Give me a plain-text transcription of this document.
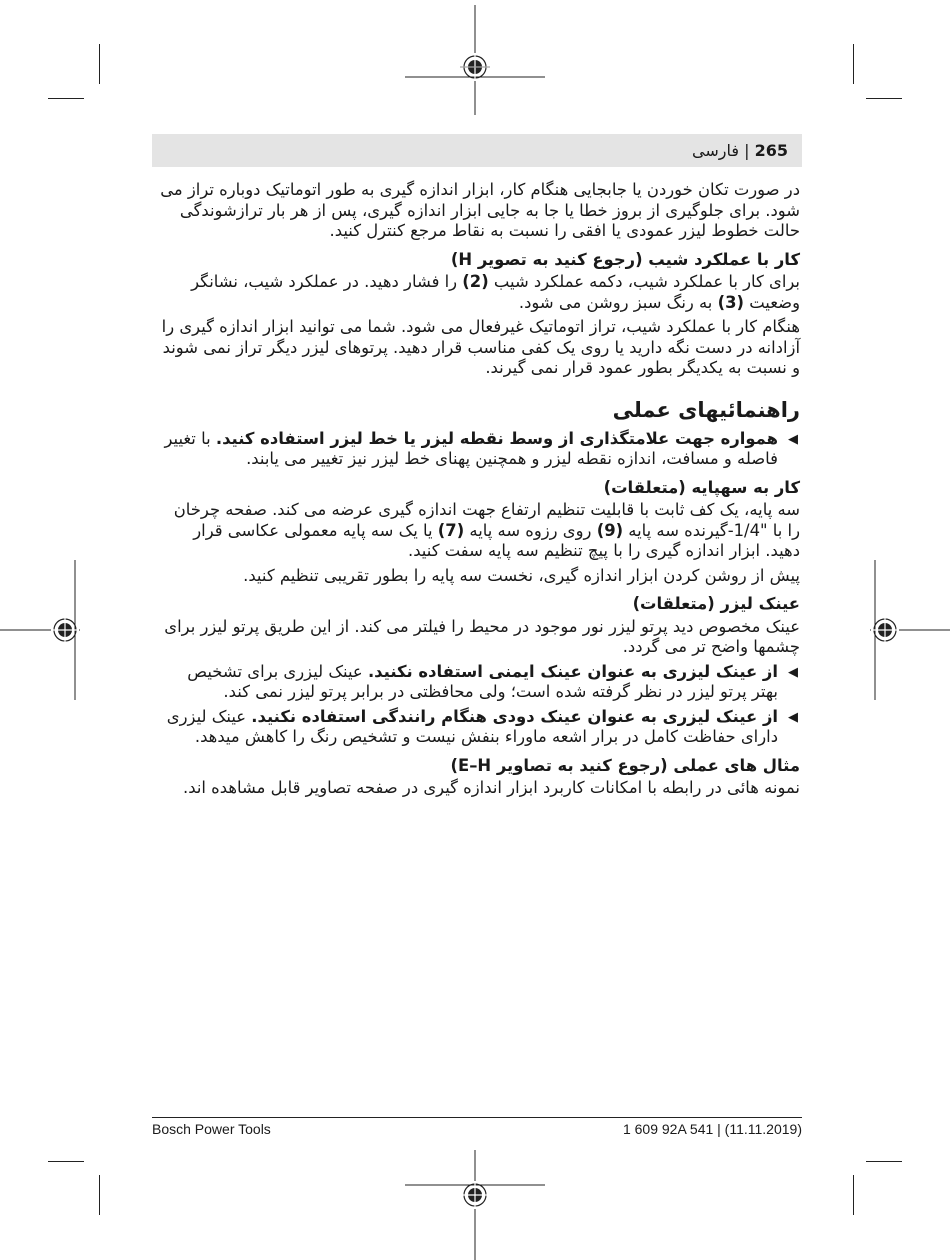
265 | فارسی

در صورت تکان خوردن یا جابجایی هنگام کار، ابزار اندازه گیری به طور اتوماتیک دوباره تراز می شود. برای جلوگیری از بروز خطا یا جا به جایی ابزار اندازه گیری، پس از هر بار ترازشوندگی حالت خطوط لیزر عمودی یا افقی را نسبت به نقاط مرجع کنترل کنید.

کار با عملکرد شیب (رجوع کنید به تصویر H)

برای کار با عملکرد شیب، دکمه عملکرد شیب (2) را فشار دهید. در عملکرد شیب، نشانگر وضعیت (3) به رنگ سبز روشن می شود.

هنگام کار با عملکرد شیب، تراز اتوماتیک غیرفعال می شود. شما می توانید ابزار اندازه گیری را آزادانه در دست نگه دارید یا روی یک کفی مناسب قرار دهید. پرتوهای لیزر دیگر تراز نمی شوند و نسبت به یکدیگر بطور عمود قرار نمی گیرند.

راهنمائیهای عملی
◀
همواره جهت علامتگذاری از وسط نقطه لیزر یا خط لیزر استفاده کنید. با تغییر فاصله و مسافت، اندازه نقطه لیزر و همچنین پهنای خط لیزر نیز تغییر می یابند.
کار به سهپایه (متعلقات)

سه پایه، یک کف ثابت با قابلیت تنظیم ارتفاع جهت اندازه گیری عرضه می کند. صفحه چرخان را با "1/4-گیرنده سه پایه (9) روی رزوه سه پایه (7) یا یک سه پایه معمولی عکاسی قرار دهید. ابزار اندازه گیری را با پیچ تنظیم سه پایه سفت کنید.

پیش از روشن کردن ابزار اندازه گیری، نخست سه پایه را بطور تقریبی تنظیم کنید.

عینک لیزر (متعلقات)

عینک مخصوص دید پرتو لیزر نور موجود در محیط را فیلتر می کند. از این طریق پرتو لیزر برای چشمها واضح تر می گردد.

◀
از عینک لیزری به عنوان عینک ایمنی استفاده نکنید. عینک لیزری برای تشخیص بهتر پرتو لیزر در نظر گرفته شده است؛ ولی محافظتی در برابر پرتو لیزر نمی کند.
◀
از عینک لیزری به عنوان عینک دودی هنگام رانندگی استفاده نکنید. عینک لیزری دارای حفاظت کامل در برار اشعه ماوراء بنفش نیست و تشخیص رنگ را کاهش میدهد.
مثال های عملی (رجوع کنید به تصاویر E–H)

نمونه هائی در رابطه با امکانات کاربرد ابزار اندازه گیری در صفحه تصاویر قابل مشاهده اند.

Bosch Power Tools	1 609 92A 541 | (11.11.2019)
